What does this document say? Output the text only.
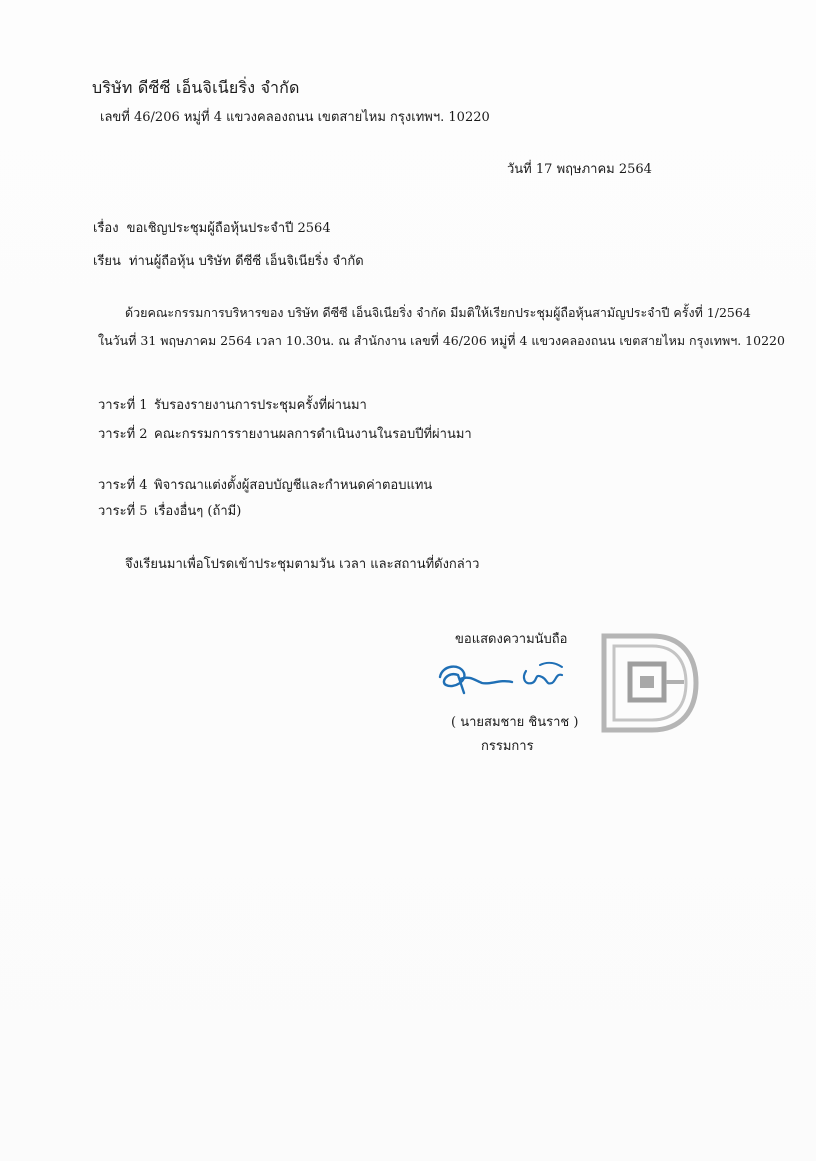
บริษัท ดีซีซี เอ็นจิเนียริ่ง จำกัด
เลขที่ 46/206 หมู่ที่ 4 แขวงคลองถนน เขตสายไหม กรุงเทพฯ. 10220
วันที่ 17 พฤษภาคม 2564
เรื่อง ขอเชิญประชุมผู้ถือหุ้นประจำปี 2564
เรียน ท่านผู้ถือหุ้น บริษัท ดีซีซี เอ็นจิเนียริ่ง จำกัด
ด้วยคณะกรรมการบริหารของ บริษัท ดีซีซี เอ็นจิเนียริ่ง จำกัด มีมติให้เรียกประชุมผู้ถือหุ้นสามัญประจำปี ครั้งที่ 1/2564
ในวันที่ 31 พฤษภาคม 2564 เวลา 10.30น. ณ สำนักงาน เลขที่ 46/206 หมู่ที่ 4 แขวงคลองถนน เขตสายไหม กรุงเทพฯ. 10220
วาระที่ 1 รับรองรายงานการประชุมครั้งที่ผ่านมา
วาระที่ 2 คณะกรรมการรายงานผลการดำเนินงานในรอบปีที่ผ่านมา
วาระที่ 4 พิจารณาแต่งตั้งผู้สอบบัญชีและกำหนดค่าตอบแทน
วาระที่ 5 เรื่องอื่นๆ (ถ้ามี)
จึงเรียนมาเพื่อโปรดเข้าประชุมตามวัน เวลา และสถานที่ดังกล่าว
ขอแสดงความนับถือ
( นายสมชาย ชินราช )
กรรมการ
